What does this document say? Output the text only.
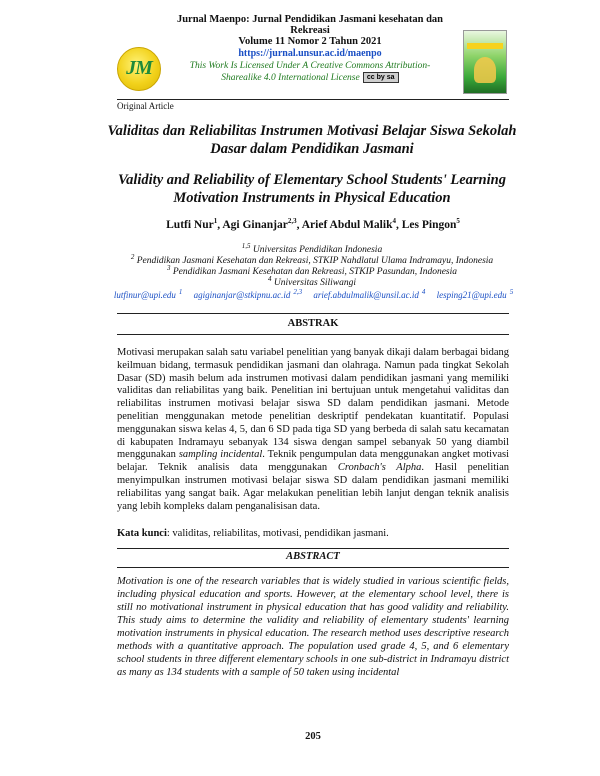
JM
Jurnal Maenpo: Jurnal Pendidikan Jasmani kesehatan dan Rekreasi
Volume 11 Nomor 2 Tahun 2021
https://jurnal.unsur.ac.id/maenpo
This Work Is Licensed Under A Creative Commons Attribution-
Sharealike 4.0 International License cc by sa
Original Article
Validitas dan Reliabilitas Instrumen Motivasi Belajar Siswa Sekolah Dasar dalam Pendidikan Jasmani
Validity and Reliability of Elementary School Students' Learning Motivation Instruments in Physical Education
Lutfi Nur$^1$, Agi Ginanjar$^{2,3}$, Arief Abdul Malik$^4$, Les Pingon$^5$
$^{1,5}$ Universitas Pendidikan Indonesia
$^2$ Pendidikan Jasmani Kesehatan dan Rekreasi, STKIP Nahdlatul Ulama Indramayu, Indonesia
$^3$ Pendidikan Jasmani Kesehatan dan Rekreasi, STKIP Pasundan, Indonesia
$^4$ Universitas Siliwangi
lutfinur@upi.edu $^1$ agiginanjar@stkipnu.ac.id $^{2,3}$ arief.abdulmalik@unsil.ac.id $^4$ lesping21@upi.edu $^5$
ABSTRAK
Motivasi merupakan salah satu variabel penelitian yang banyak dikaji dalam berbagai bidang keilmuan bidang, termasuk pendidikan jasmani dan olahraga. Namun pada tingkat Sekolah Dasar (SD) masih belum ada instrumen motivasi dalam pendidikan jasmani yang memiliki validitas dan reliabilitas yang baik. Penelitian ini bertujuan untuk mengetahui validitas dan reliabilitas instrumen motivasi belajar siswa SD dalam pendidikan jasmani. Metode penelitian menggunakan metode penelitian deskriptif pendekatan kuantitatif. Populasi menggunakan siswa kelas 4, 5, dan 6 SD pada tiga SD yang berbeda di salah satu kecamatan di kabupaten Indramayu sebanyak 134 siswa dengan sampel sebanyak 50 yang diambil menggunakan sampling incidental. Teknik pengumpulan data menggunakan angket motivasi belajar. Teknik analisis data menggunakan Cronbach's Alpha. Hasil penelitian menyimpulkan instrumen motivasi belajar siswa SD dalam pendidikan jasmani memiliki reliabilitas yang sangat baik. Agar melakukan penelitian lebih lanjut dengan teknik analisis yang lebih kompleks dalam penganalisisan data.
Kata kunci: validitas, reliabilitas, motivasi, pendidikan jasmani.
ABSTRACT
Motivation is one of the research variables that is widely studied in various scientific fields, including physical education and sports. However, at the elementary school level, there is still no motivational instrument in physical education that has good validity and reliability. This study aims to determine the validity and reliability of elementary students' learning motivation instruments in physical education. The research method uses descriptive research methods with a quantitative approach. The population used grade 4, 5, and 6 elementary school students in three different elementary schools in one sub-district in Indramayu district as many as 134 students with a sample of 50 taken using incidental
205
